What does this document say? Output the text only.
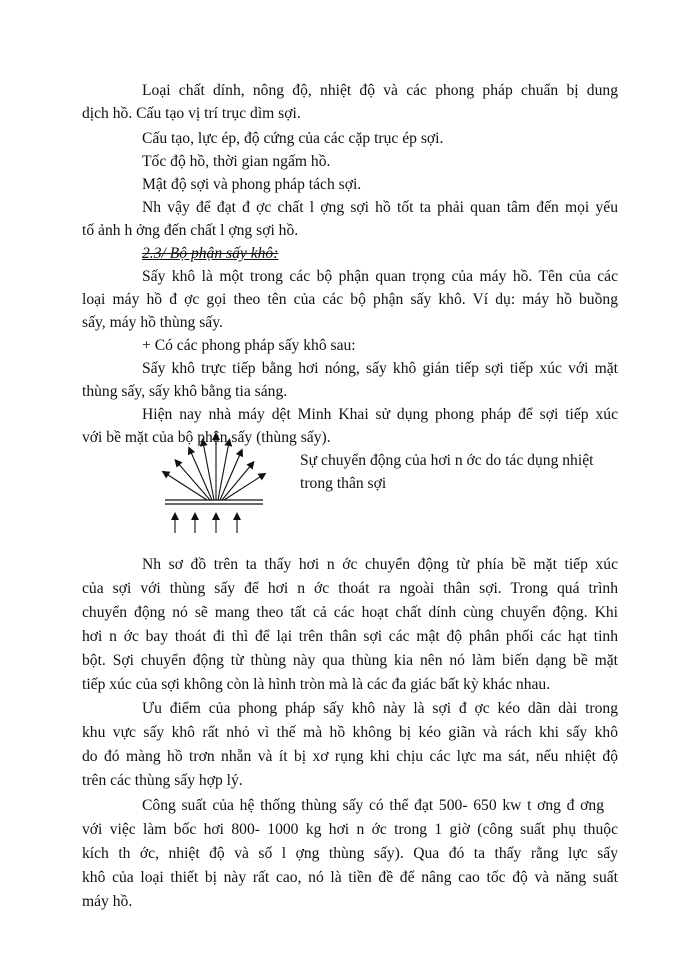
Loại chất dính, nông độ, nhiệt độ và các phong pháp chuẩn bị dung
dịch hồ. Cấu tạo vị trí trục dìm sợi.
Cấu tạo, lực ép, độ cứng của các cặp trục ép sợi.
Tốc độ hồ, thời gian ngấm hồ.
Mật độ sợi và phong pháp tách sợi.
Nh vậy để đạt đ ợc chất l ợng sợi hồ tốt ta phải quan tâm đến mọi yếu
tố ảnh h ởng đến chất l ợng sợi hồ.
2.3/ Bộ phận sấy khô:
Sấy khô là một trong các bộ phận quan trọng của máy hồ. Tên của các
loại máy hồ đ ợc gọi theo tên của các bộ phận sấy khô. Ví dụ: máy hồ buồng
sấy, máy hồ thùng sấy.
+ Có các phong pháp sấy khô sau:
Sấy khô trực tiếp bằng hơi nóng, sấy khô gián tiếp sợi tiếp xúc với mặt
thùng sấy, sấy khô bằng tia sáng.
Hiện nay nhà máy dệt Minh Khai sử dụng phong pháp để sợi tiếp xúc
với bề mặt của bộ phận sấy (thùng sấy).
Sự chuyển động của hơi n ớc do tác dụng nhiệt
trong thân sợi
Nh sơ đồ trên ta thấy hơi n ớc chuyển động từ phía bề mặt tiếp xúc
của sợi với thùng sấy để hơi n ớc thoát ra ngoài thân sợi. Trong quá trình
chuyển động nó sẽ mang theo tất cả các hoạt chất dính cùng chuyển động. Khi
hơi n ớc bay thoát đi thì để lại trên thân sợi các mật độ phân phối các hạt tinh
bột. Sợi chuyển động từ thùng này qua thùng kia nên nó làm biến dạng bề mặt
tiếp xúc của sợi không còn là hình tròn mà là các đa giác bất kỳ khác nhau.
Ưu điểm của phong pháp sấy khô này là sợi đ ợc kéo dãn dài trong
khu vực sấy khô rất nhỏ vì thế mà hồ không bị kéo giãn và rách khi sấy khô
do đó màng hồ trơn nhẵn và ít bị xơ rụng khi chịu các lực ma sát, nếu nhiệt độ
trên các thùng sấy hợp lý.
Công suất của hệ thống thùng sấy có thể đạt 500- 650 kw t ơng đ ơng
với việc làm bốc hơi 800- 1000 kg hơi n ớc trong 1 giờ (công suất phụ thuộc
kích th ớc, nhiệt độ và số l ợng thùng sấy). Qua đó ta thấy rằng lực sấy
khô của loại thiết bị này rất cao, nó là tiền đề để nâng cao tốc độ và năng suất
máy hồ.
